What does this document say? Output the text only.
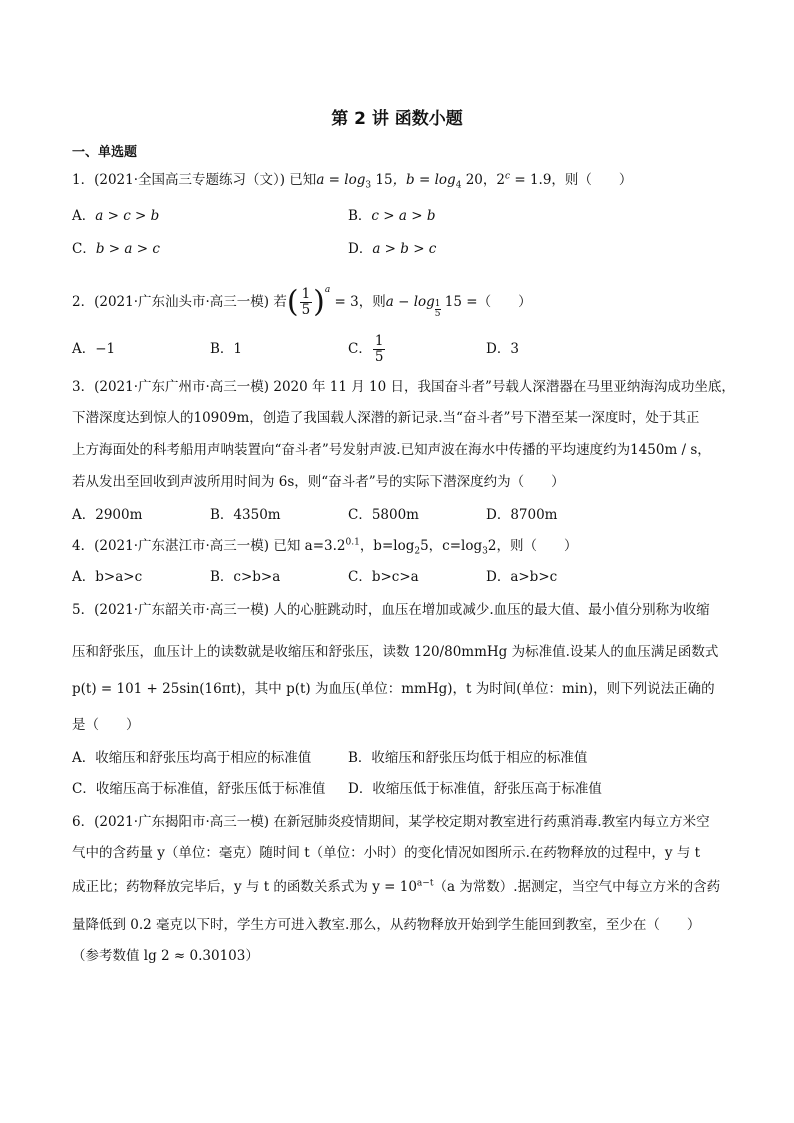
第 2 讲 函数小题
一、单选题
1．(2021·全国高三专题练习（文）) 已知$a = \log_3 15$，$b = \log_4 20$，$2^c = 1.9$，则（　　）
A．a > c > b	B．c > a > b
C．b > a > c	D．a > b > c
2．(2021·广东汕头市·高三一模) 若( $\frac{1}{5} )^a = 3$，则$a - \log \frac{1}{5} 15$ =（　　）
A．−1	B．1	C． $\frac{1}{5}$	D．3
3．(2021·广东广州市·高三一模) 2020 年 11 月 10 日，我国奋斗者”号载人深潜器在马里亚纳海沟成功坐底，
下潜深度达到惊人的10909m，创造了我国载人深潜的新记录.当“奋斗者”号下潜至某一深度时，处于其正
上方海面处的科考船用声呐装置向“奋斗者”号发射声波.已知声波在海水中传播的平均速度约为1450m / s，
若从发出至回收到声波所用时间为 6s，则“奋斗者”号的实际下潜深度约为（　　）
A．2900m	B．4350m	C．5800m	D．8700m
4．(2021·广东湛江市·高三一模) 已知 $a=3.2^{0.1}$，$b=\log_25$，$c=\log_32$，则（　　）
A．b>a>c	B．c>b>a	C．b>c>a	D．a>b>c
5．(2021·广东韶关市·高三一模) 人的心脏跳动时，血压在增加或减少.血压的最大值、最小值分别称为收缩
压和舒张压，血压计上的读数就是收缩压和舒张压，读数 120/80mmHg 为标准值.设某人的血压满足函数式
p(t) = 101 + 25sin(16πt)，其中 p(t) 为血压(单位：mmHg)，t 为时间(单位：min)，则下列说法正确的
是（　　）
A．收缩压和舒张压均高于相应的标准值	B．收缩压和舒张压均低于相应的标准值
C．收缩压高于标准值，舒张压低于标准值 D．收缩压低于标准值，舒张压高于标准值
6．(2021·广东揭阳市·高三一模) 在新冠肺炎疫情期间，某学校定期对教室进行药熏消毒.教室内每立方米空
气中的含药量 y（单位：毫克）随时间 t（单位：小时）的变化情况如图所示.在药物释放的过程中，y 与 t
成正比；药物释放完毕后，y 与 t 的函数关系式为 $y = 10^{a-t}(a$ 为常数）.据测定，当空气中每立方米的含药
量降低到 0.2 毫克以下时，学生方可进入教室.那么，从药物释放开始到学生能回到教室，至少在（　　）
（参考数值 lg 2 ≈ 0.30103）
